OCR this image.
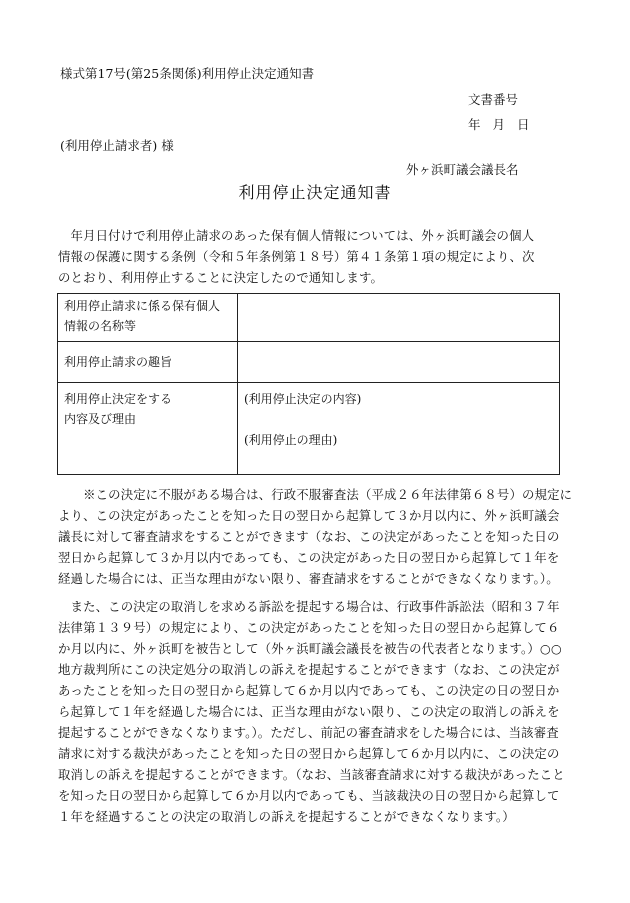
様式第17号(第25条関係)利用停止決定通知書
文書番号
年 月 日
(利用停止請求者) 様
外ヶ浜町議会議長名
利用停止決定通知書

　年月日付けで利用停止請求のあった保有個人情報については、外ヶ浜町議会の個人
情報の保護に関する条例（令和５年条例第１８号）第４１条第１項の規定により、次
のとおり、利用停止することに決定したので通知します。

利用停止請求に係る保有個人
情報の名称等	

利用停止請求の趣旨	

利用停止決定をする
内容及び理由	(利用停止決定の内容)
(利用停止の理由)

　　※この決定に不服がある場合は、行政不服審査法（平成２６年法律第６８号）の規定に
より、この決定があったことを知った日の翌日から起算して３か月以内に、外ヶ浜町議会
議長に対して審査請求をすることができます（なお、この決定があったことを知った日の
翌日から起算して３か月以内であっても、この決定があった日の翌日から起算して１年を
経過した場合には、正当な理由がない限り、審査請求をすることができなくなります。）。

　また、この決定の取消しを求める訴訟を提起する場合は、行政事件訴訟法（昭和３７年
法律第１３９号）の規定により、この決定があったことを知った日の翌日から起算して６
か月以内に、外ヶ浜町を被告として（外ヶ浜町議会議長を被告の代表者となります。）○○
地方裁判所にこの決定処分の取消しの訴えを提起することができます（なお、この決定が
あったことを知った日の翌日から起算して６か月以内であっても、この決定の日の翌日か
ら起算して１年を経過した場合には、正当な理由がない限り、この決定の取消しの訴えを
提起することができなくなります。）。ただし、前記の審査請求をした場合には、当該審査
請求に対する裁決があったことを知った日の翌日から起算して６か月以内に、この決定の
取消しの訴えを提起することができます。（なお、当該審査請求に対する裁決があったこと
を知った日の翌日から起算して６か月以内であっても、当該裁決の日の翌日から起算して
１年を経過することの決定の取消しの訴えを提起することができなくなります。）
